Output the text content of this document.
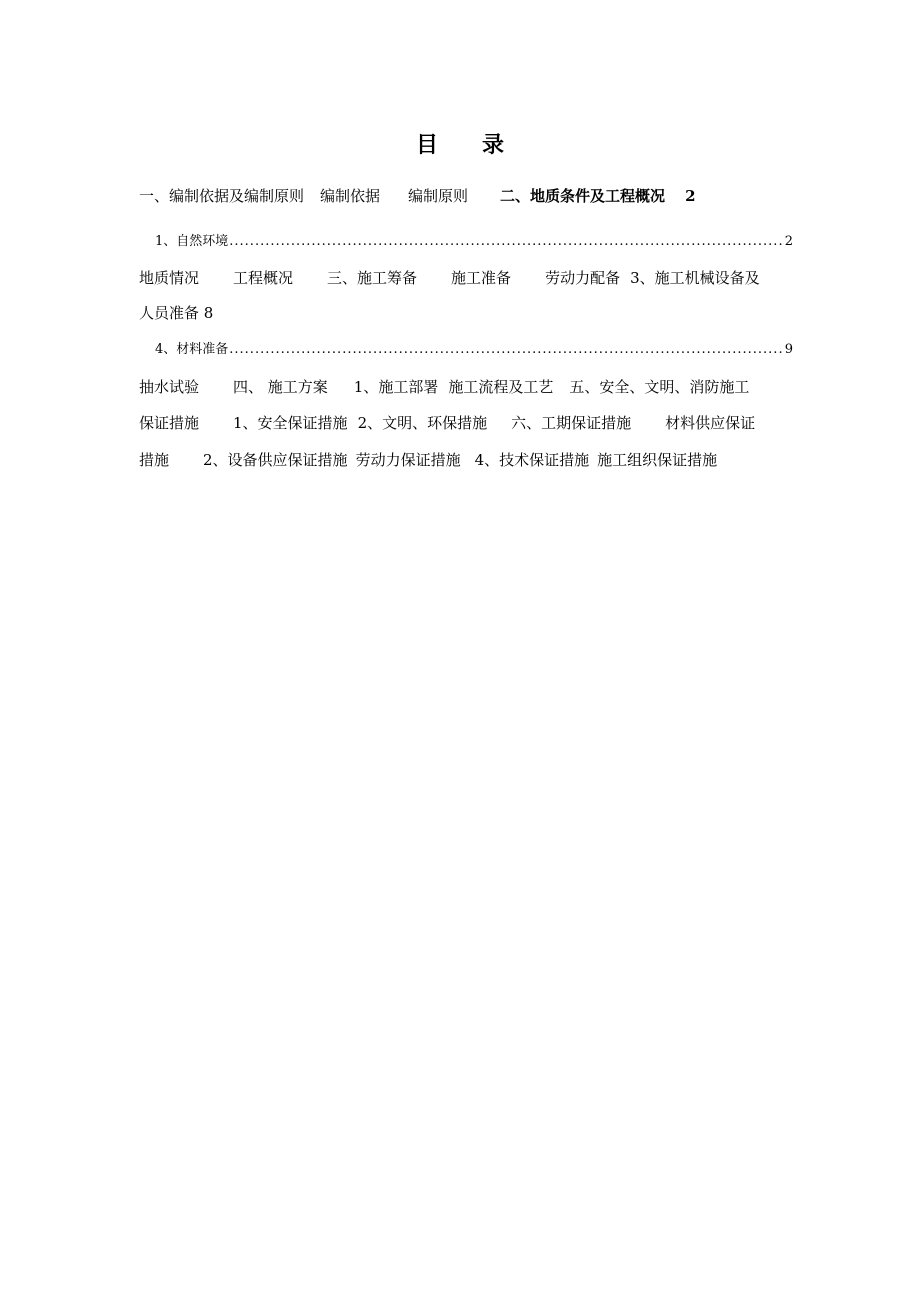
目 录
一、编制依据及编制原则 编制依据 编制原则 二、地质条件及工程概况 2
1、自然环境 .....	2
地质情况 工程概况 三、施工筹备 施工准备 劳动力配备 3、施工机械设备及
人员准备 8
4、材料准备 .....	9
抽水试验 四、 施工方案 1、施工部署 施工流程及工艺 五、安全、文明、消防施工
保证措施 1、安全保证措施 2、文明、环保措施 六、工期保证措施 材料供应保证
措施 2、设备供应保证措施 劳动力保证措施 4、技术保证措施 施工组织保证措施
